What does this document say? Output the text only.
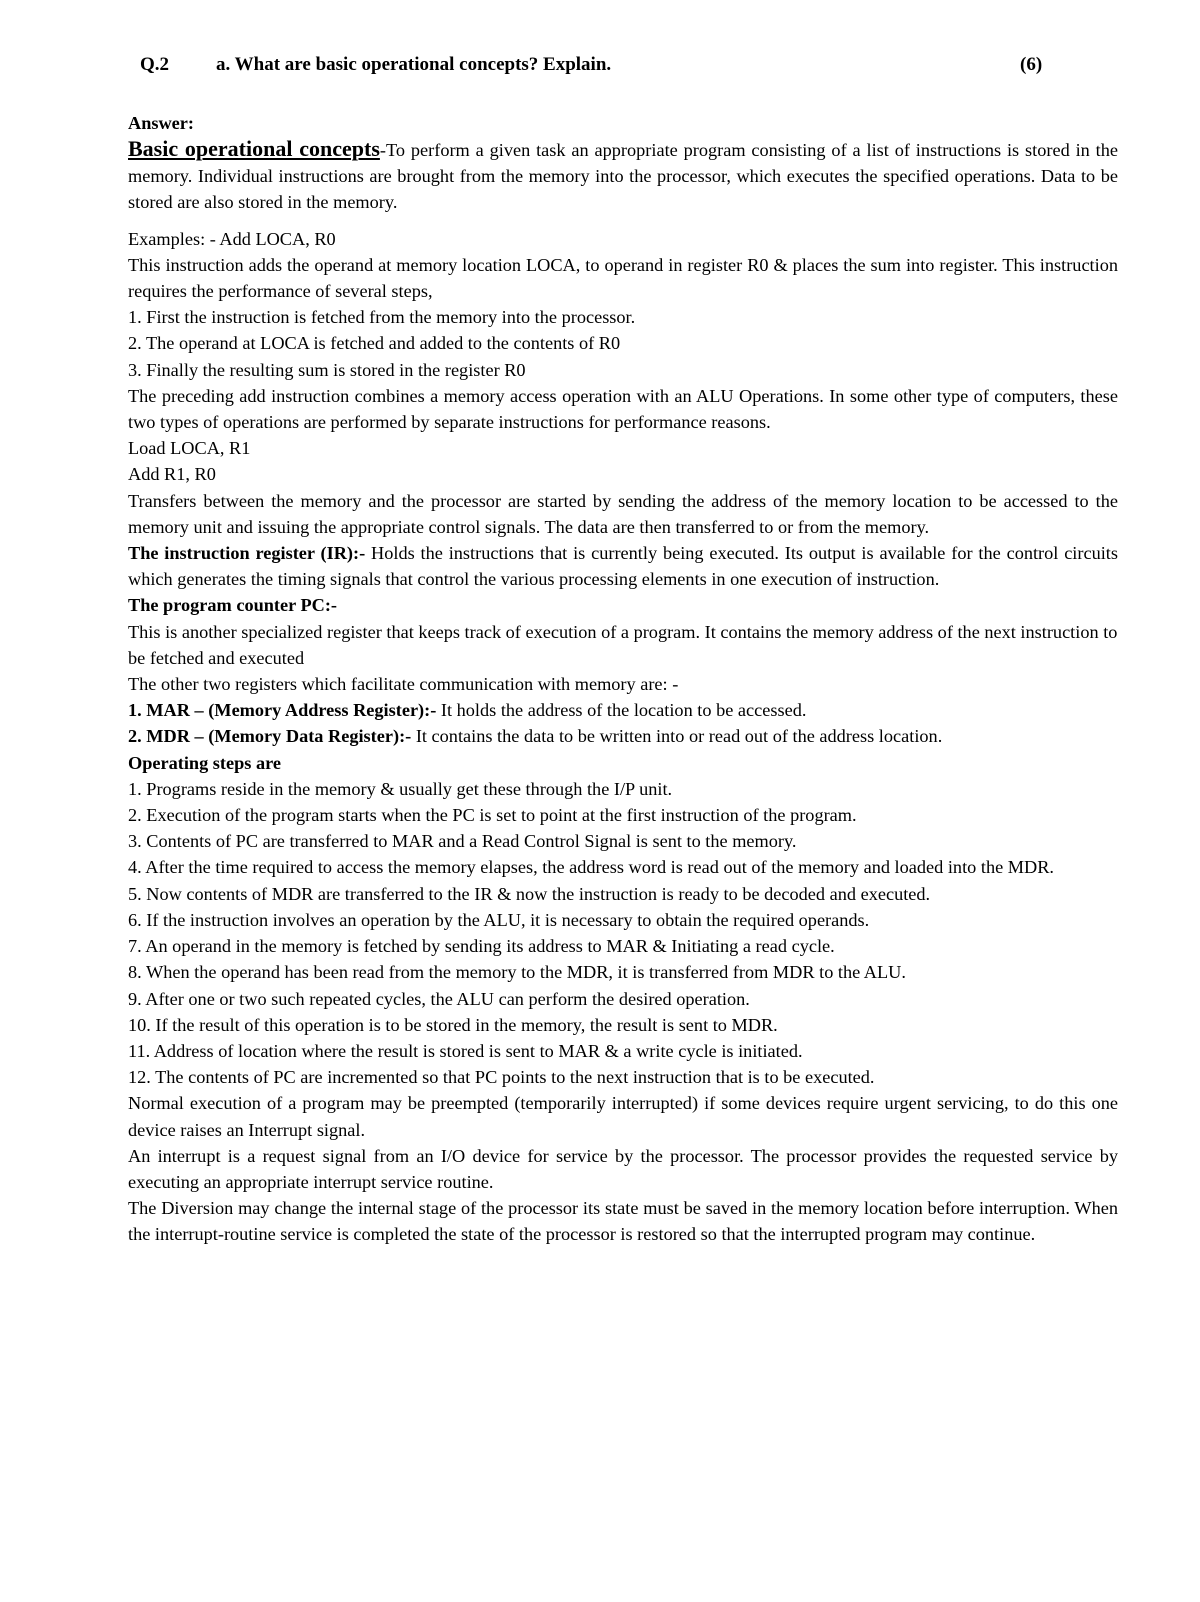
Q.2 a. What are basic operational concepts? Explain.	(6)

Answer:

Basic operational concepts-To perform a given task an appropriate program consisting of a list of instructions is stored in the memory. Individual instructions are brought from the memory into the processor, which executes the specified operations. Data to be stored are also stored in the memory.

Examples: - Add LOCA, R0

This instruction adds the operand at memory location LOCA, to operand in register R0 & places the sum into register. This instruction requires the performance of several steps,

1. First the instruction is fetched from the memory into the processor.

2. The operand at LOCA is fetched and added to the contents of R0

3. Finally the resulting sum is stored in the register R0

The preceding add instruction combines a memory access operation with an ALU Operations. In some other type of computers, these two types of operations are performed by separate instructions for performance reasons.

Load LOCA, R1

Add R1, R0

Transfers between the memory and the processor are started by sending the address of the memory location to be accessed to the memory unit and issuing the appropriate control signals. The data are then transferred to or from the memory.

The instruction register (IR):- Holds the instructions that is currently being executed. Its output is available for the control circuits which generates the timing signals that control the various processing elements in one execution of instruction.

The program counter PC:-

This is another specialized register that keeps track of execution of a program. It contains the memory address of the next instruction to be fetched and executed

The other two registers which facilitate communication with memory are: -

1. MAR – (Memory Address Register):- It holds the address of the location to be accessed.

2. MDR – (Memory Data Register):- It contains the data to be written into or read out of the address location.

Operating steps are

1. Programs reside in the memory & usually get these through the I/P unit.

2. Execution of the program starts when the PC is set to point at the first instruction of the program.

3. Contents of PC are transferred to MAR and a Read Control Signal is sent to the memory.

4. After the time required to access the memory elapses, the address word is read out of the memory and loaded into the MDR.

5. Now contents of MDR are transferred to the IR & now the instruction is ready to be decoded and executed.

6. If the instruction involves an operation by the ALU, it is necessary to obtain the required operands.

7. An operand in the memory is fetched by sending its address to MAR & Initiating a read cycle.

8. When the operand has been read from the memory to the MDR, it is transferred from MDR to the ALU.

9. After one or two such repeated cycles, the ALU can perform the desired operation.

10. If the result of this operation is to be stored in the memory, the result is sent to MDR.

11. Address of location where the result is stored is sent to MAR & a write cycle is initiated.

12. The contents of PC are incremented so that PC points to the next instruction that is to be executed.

Normal execution of a program may be preempted (temporarily interrupted) if some devices require urgent servicing, to do this one device raises an Interrupt signal.

An interrupt is a request signal from an I/O device for service by the processor. The processor provides the requested service by executing an appropriate interrupt service routine.

The Diversion may change the internal stage of the processor its state must be saved in the memory location before interruption. When the interrupt-routine service is completed the state of the processor is restored so that the interrupted program may continue.
